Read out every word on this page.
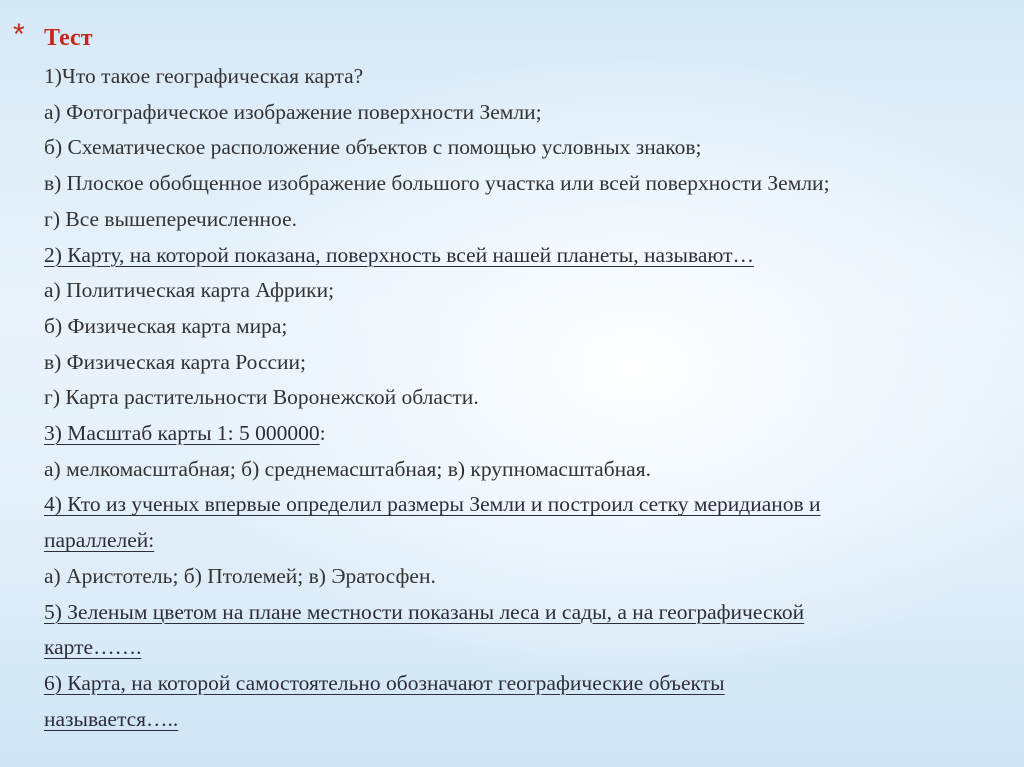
* Тест
1)Что такое географическая карта?
а) Фотографическое изображение поверхности Земли;
б) Схематическое расположение объектов с помощью условных знаков;
в) Плоское обобщенное изображение большого участка или всей поверхности Земли;
г) Все вышеперечисленное.
2) Карту, на которой показана, поверхность всей нашей планеты, называют…
а) Политическая карта Африки;
б) Физическая карта мира;
в) Физическая карта России;
г) Карта растительности Воронежской области.
3) Масштаб карты 1: 5 000000:
а) мелкомасштабная; б) среднемасштабная; в) крупномасштабная.
4) Кто из ученых впервые определил размеры Земли и построил сетку меридианов и
параллелей:
а) Аристотель; б) Птолемей; в) Эратосфен.
5) Зеленым цветом на плане местности показаны леса и сады, а на географической
карте…….
6) Карта, на которой самостоятельно обозначают географические объекты
называется…..
